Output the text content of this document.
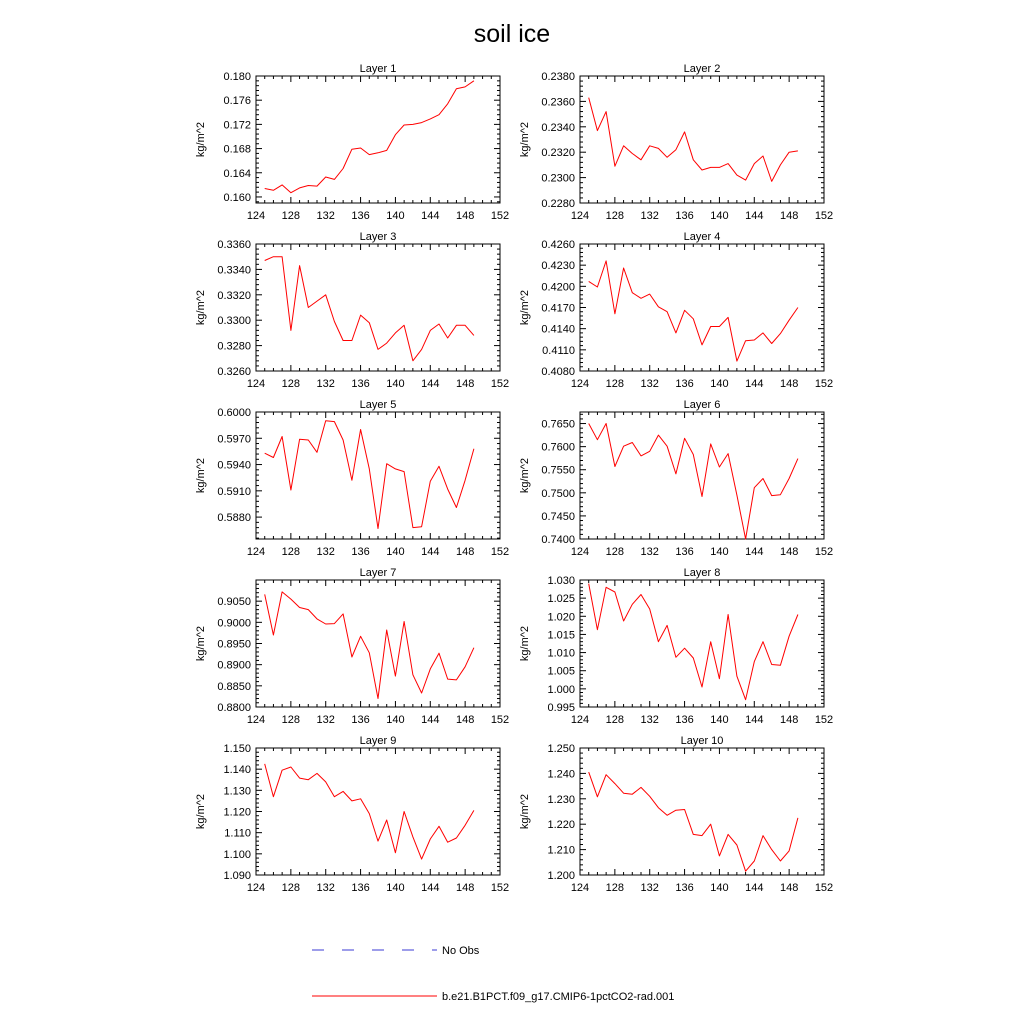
soil ice
Layer 1
kg/m^2
124 128 132 136 140 144 148 152
0.160
0.164
0.168
0.172
0.176
0.180
Layer 2
kg/m^2
124 128 132 136 140 144 148 152
0.2280
0.2300
0.2320
0.2340
0.2360
0.2380
Layer 3
kg/m^2
124 128 132 136 140 144 148 152
0.3260
0.3280
0.3300
0.3320
0.3340
0.3360
Layer 4
kg/m^2
124 128 132 136 140 144 148 152
0.4080
0.4110
0.4140
0.4170
0.4200
0.4230
0.4260
Layer 5
kg/m^2
124 128 132 136 140 144 148 152
0.5880
0.5910
0.5940
0.5970
0.6000
Layer 6
kg/m^2
124 128 132 136 140 144 148 152
0.7400
0.7450
0.7500
0.7550
0.7600
0.7650
Layer 7
kg/m^2
124 128 132 136 140 144 148 152
0.8800
0.8850
0.8900
0.8950
0.9000
0.9050
Layer 8
kg/m^2
124 128 132 136 140 144 148 152
0.995
1.000
1.005
1.010
1.015
1.020
1.025
1.030
Layer 9
kg/m^2
124 128 132 136 140 144 148 152
1.090
1.100
1.110
1.120
1.130
1.140
1.150
Layer 10
kg/m^2
124 128 132 136 140 144 148 152
1.200
1.210
1.220
1.230
1.240
1.250
No Obs
b.e21.B1PCT.f09_g17.CMIP6-1pctCO2-rad.001
